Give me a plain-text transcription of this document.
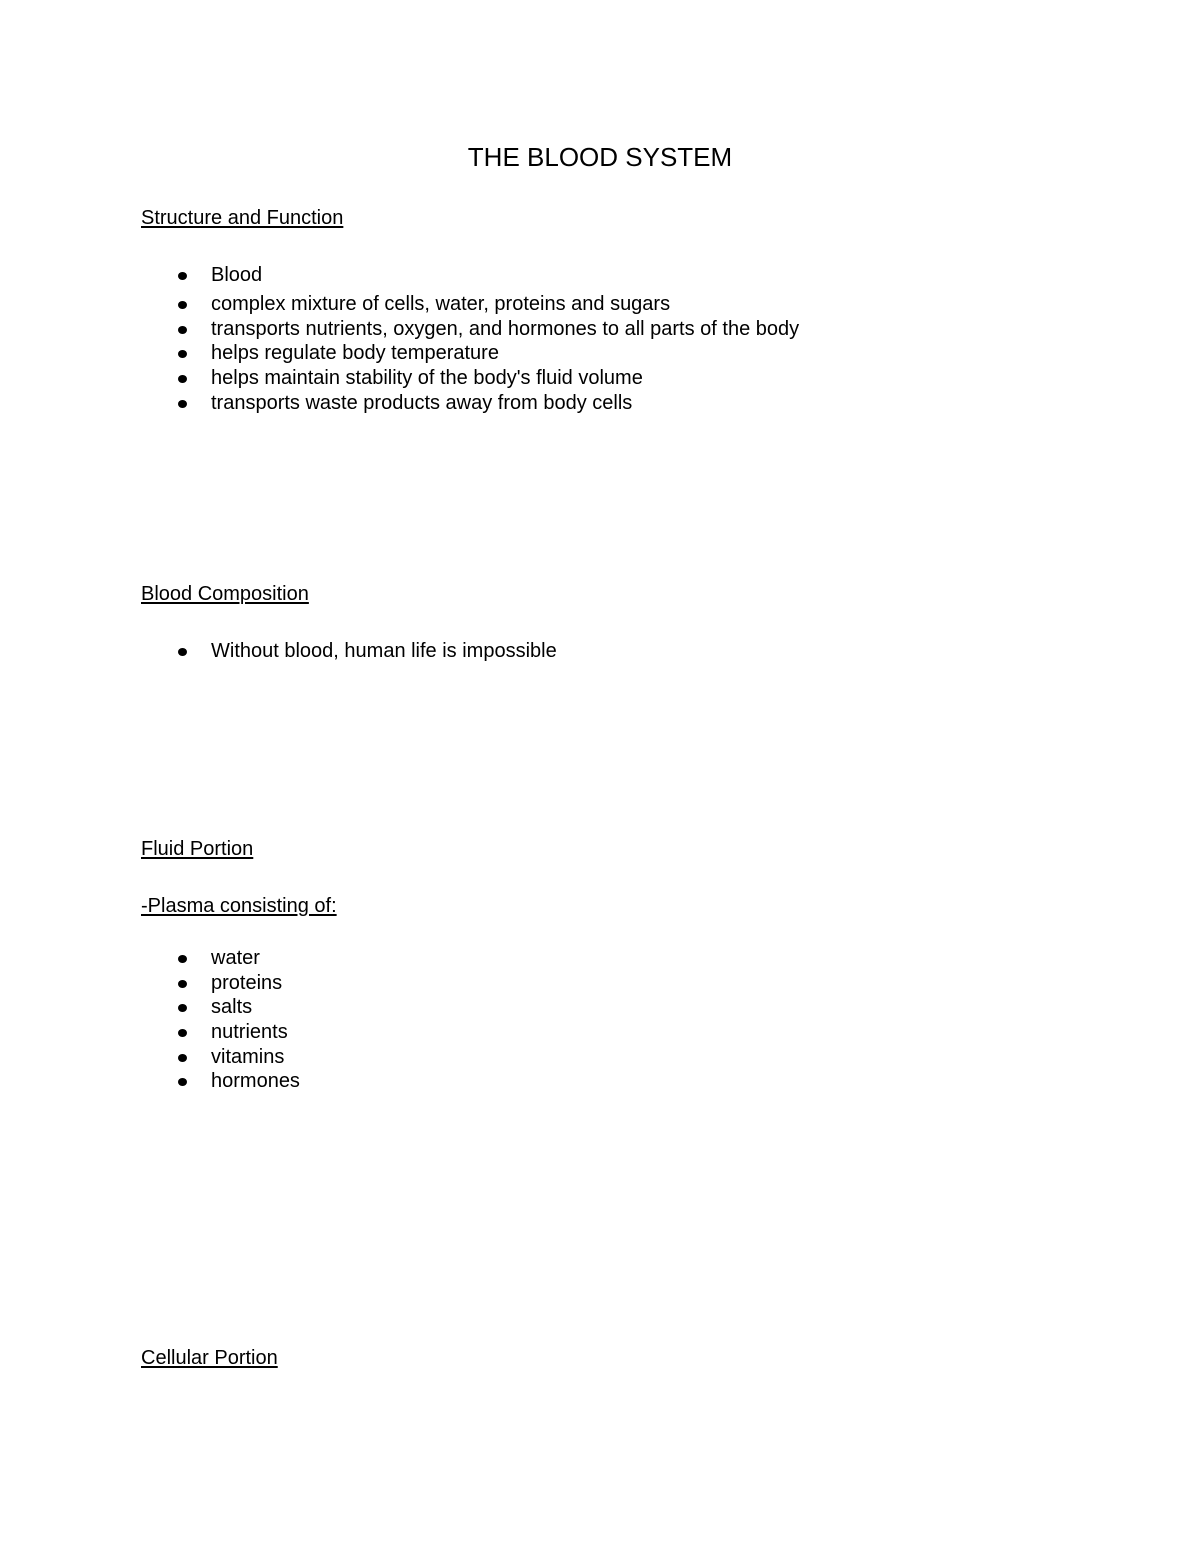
THE BLOOD SYSTEM
Structure and Function
Blood
complex mixture of cells, water, proteins and sugars
transports nutrients, oxygen, and hormones to all parts of the body
helps regulate body temperature
helps maintain stability of the body's fluid volume
transports waste products away from body cells
Blood Composition
Without blood, human life is impossible
Fluid Portion
-Plasma consisting of:
water
proteins
salts
nutrients
vitamins
hormones
Cellular Portion
